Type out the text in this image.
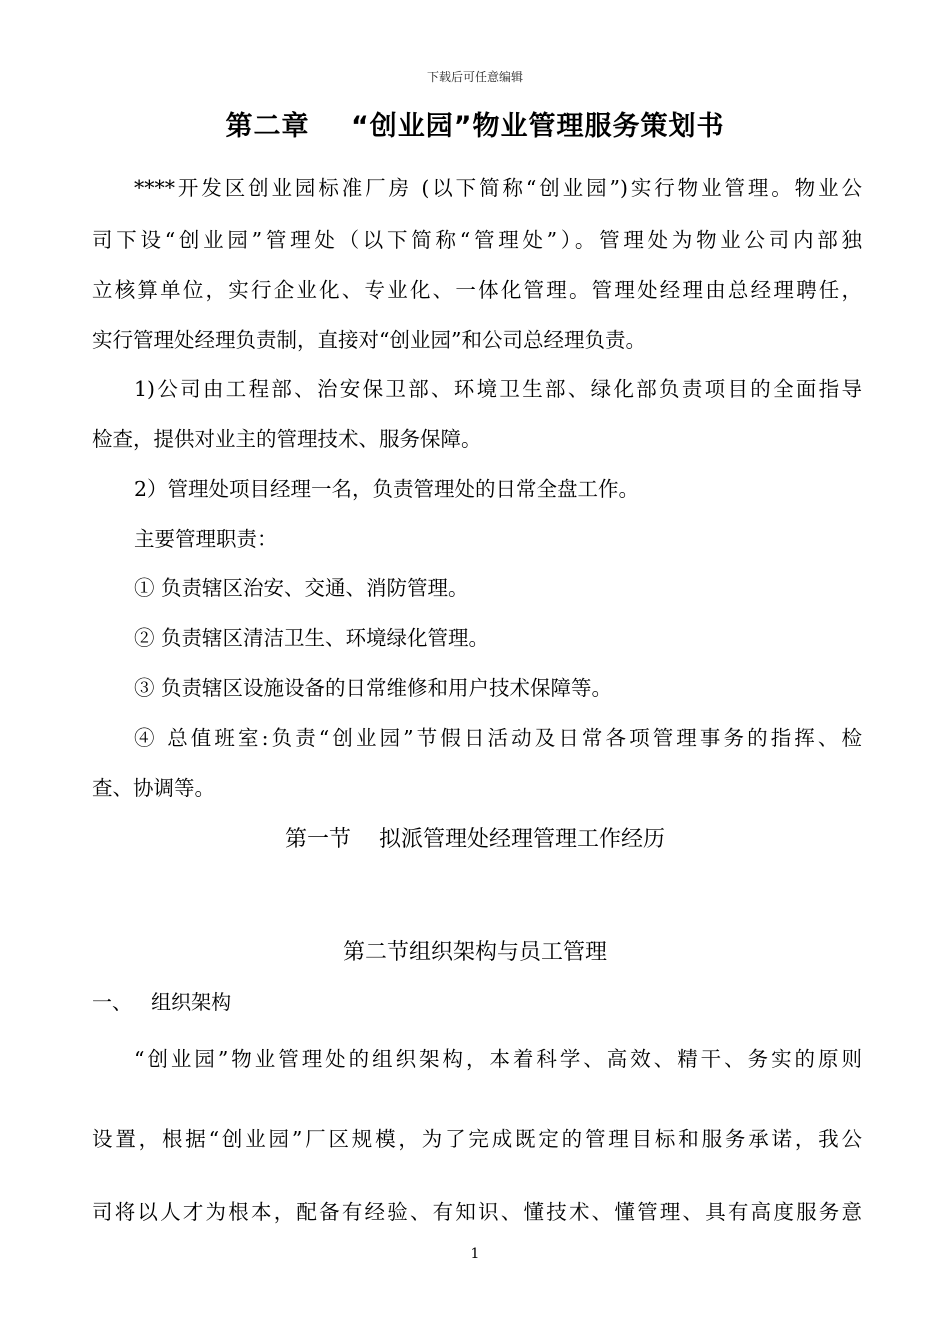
下载后可任意编辑
第二章    “创业园”物业管理服务策划书
****开发区创业园标准厂房 (以下简称“创业园”)实行物业管理。物业公
司下设“创业园”管理处（以下简称“管理处”）。管理处为物业公司内部独
立核算单位，实行企业化、专业化、一体化管理。管理处经理由总经理聘任，
实行管理处经理负责制，直接对“创业园”和公司总经理负责。
1)公司由工程部、治安保卫部、环境卫生部、绿化部负责项目的全面指导
检查，提供对业主的管理技术、服务保障。
2）管理处项目经理一名，负责管理处的日常全盘工作。
主要管理职责：
① 负责辖区治安、交通、消防管理。
② 负责辖区清洁卫生、环境绿化管理。
③ 负责辖区设施设备的日常维修和用户技术保障等。
④ 总值班室:负责“创业园”节假日活动及日常各项管理事务的指挥、检
查、协调等。
第一节    拟派管理处经理管理工作经历
第二节组织架构与员工管理
一、   组织架构
“创业园”物业管理处的组织架构，本着科学、高效、精干、务实的原则
设置，根据“创业园”厂区规模，为了完成既定的管理目标和服务承诺，我公
司将以人才为根本，配备有经验、有知识、懂技术、懂管理、具有高度服务意
1
